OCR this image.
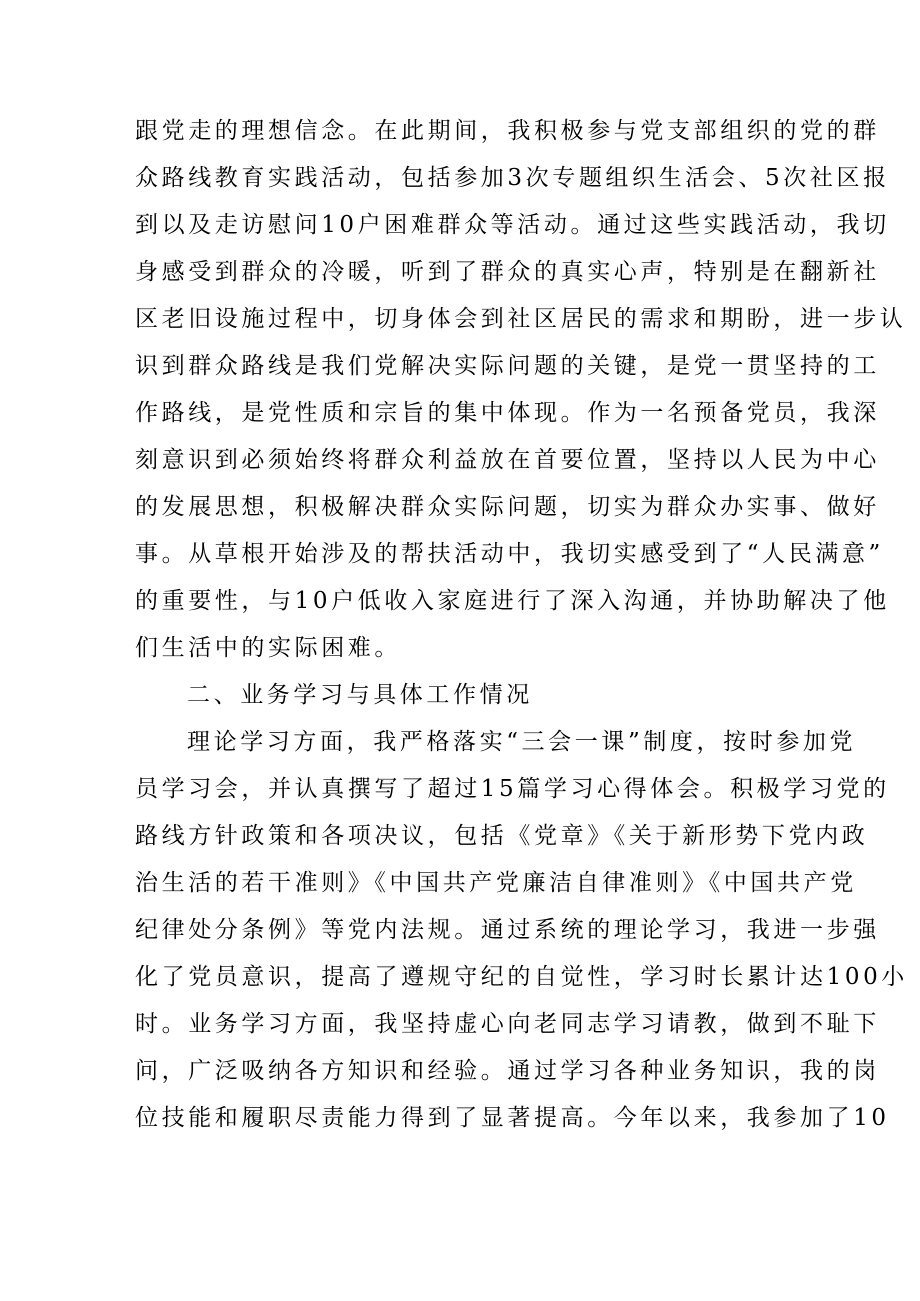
跟党走的理想信念。在此期间，我积极参与党支部组织的党的群
众路线教育实践活动，包括参加3次专题组织生活会、5次社区报
到以及走访慰问10户困难群众等活动。通过这些实践活动，我切
身感受到群众的冷暖，听到了群众的真实心声，特别是在翻新社
区老旧设施过程中，切身体会到社区居民的需求和期盼，进一步认
识到群众路线是我们党解决实际问题的关键，是党一贯坚持的工
作路线，是党性质和宗旨的集中体现。作为一名预备党员，我深
刻意识到必须始终将群众利益放在首要位置，坚持以人民为中心
的发展思想，积极解决群众实际问题，切实为群众办实事、做好
事。从草根开始涉及的帮扶活动中，我切实感受到了“人民满意”
的重要性，与10户低收入家庭进行了深入沟通，并协助解决了他
们生活中的实际困难。
二、业务学习与具体工作情况
理论学习方面，我严格落实“三会一课”制度，按时参加党
员学习会，并认真撰写了超过15篇学习心得体会。积极学习党的
路线方针政策和各项决议，包括《党章》《关于新形势下党内政
治生活的若干准则》《中国共产党廉洁自律准则》《中国共产党
纪律处分条例》等党内法规。通过系统的理论学习，我进一步强
化了党员意识，提高了遵规守纪的自觉性，学习时长累计达100小
时。业务学习方面，我坚持虚心向老同志学习请教，做到不耻下
问，广泛吸纳各方知识和经验。通过学习各种业务知识，我的岗
位技能和履职尽责能力得到了显著提高。今年以来，我参加了10
